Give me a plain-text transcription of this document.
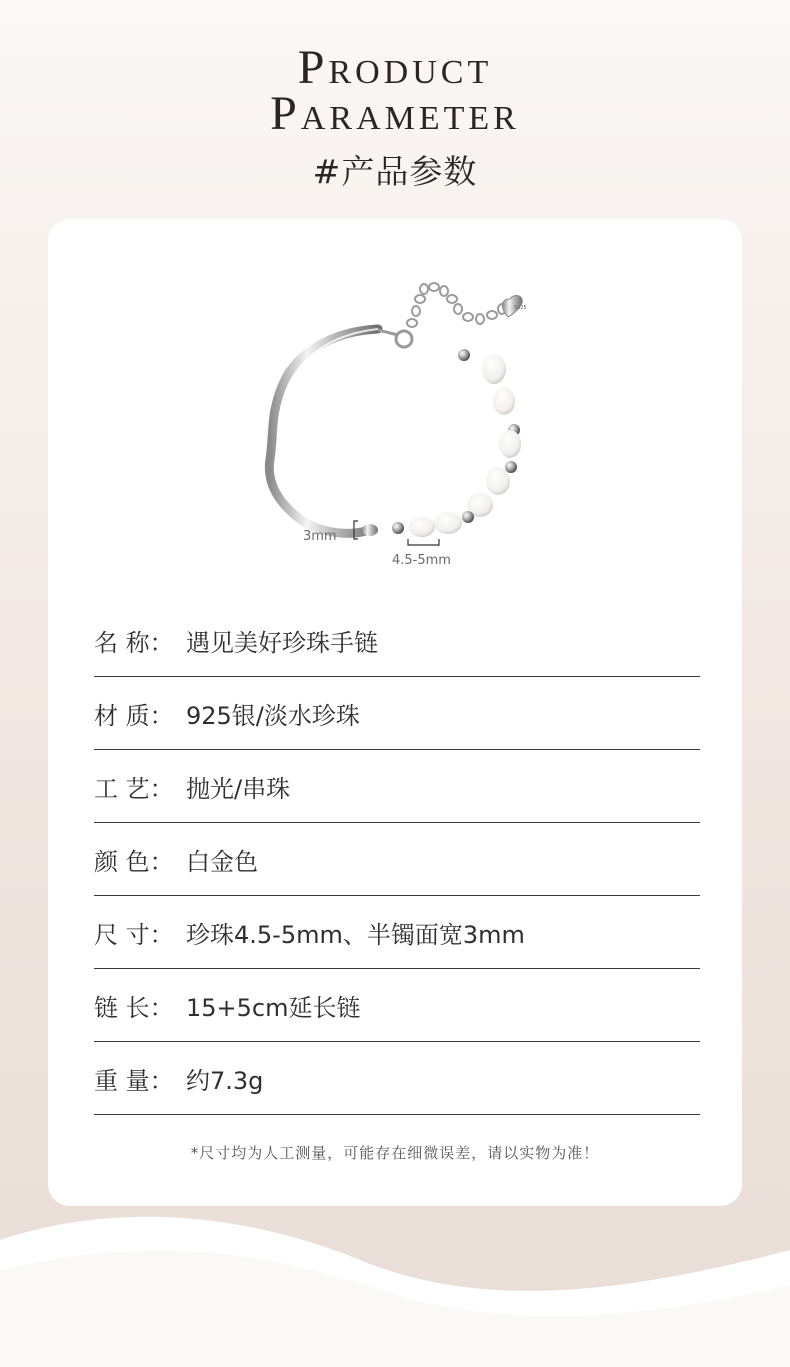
PRODUCT
PARAMETER
#产品参数
S925
3mm
4.5-5mm
名 称： 遇见美好珍珠手链
材 质： 925银/淡水珍珠
工 艺： 抛光/串珠
颜 色： 白金色
尺 寸： 珍珠4.5-5mm、半镯面宽3mm
链 长： 15+5cm延长链
重 量： 约7.3g
*尺寸均为人工测量，可能存在细微误差，请以实物为准！
